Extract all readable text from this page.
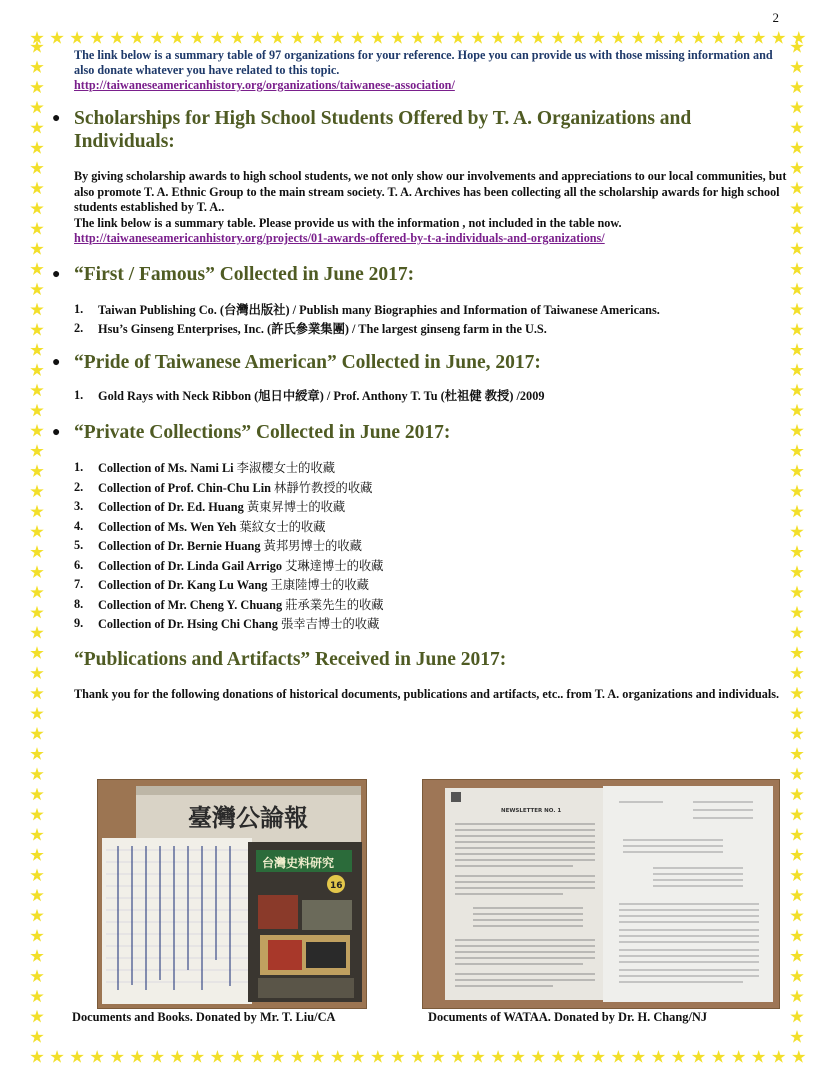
2
The link below is a summary table of 97 organizations for your reference. Hope you can provide us with those missing information and also donate whatever you have related to this topic.
http://taiwaneseamericanhistory.org/organizations/taiwanese-association/
● Scholarships for High School Students Offered by T. A. Organizations and Individuals:
By giving scholarship awards to high school students, we not only show our involvements and appreciations to our local communities, but also promote T. A. Ethnic Group to the main stream society. T. A. Archives has been collecting all the scholarship awards for high school students established by T. A..
The link below is a summary table. Please provide us with the information , not included in the table now.
http://taiwaneseamericanhistory.org/projects/01-awards-offered-by-t-a-individuals-and-organizations/
● “First / Famous” Collected in June 2017:
1.	Taiwan Publishing Co. (台灣出版社) / Publish many Biographies and Information of Taiwanese Americans.
2.	Hsu’s Ginseng Enterprises, Inc. (許氏參業集團) / The largest ginseng farm in the U.S.
● “Pride of Taiwanese American” Collected in June, 2017:
1.	Gold Rays with Neck Ribbon (旭日中綬章) / Prof. Anthony T. Tu (杜祖健 教授) /2009
● “Private Collections” Collected in June 2017:
1.	Collection of Ms. Nami Li 李淑櫻女士的收藏
2.	Collection of Prof. Chin-Chu Lin 林靜竹教授的收藏
3.	Collection of Dr. Ed. Huang 黃東昇博士的收藏
4.	Collection of Ms. Wen Yeh 葉紋女士的收藏
5.	Collection of Dr. Bernie Huang 黃邦男博士的收藏
6.	Collection of Dr. Linda Gail Arrigo 艾琳達博士的收藏
7.	Collection of Dr. Kang Lu Wang 王康陸博士的收藏
8.	Collection of Mr. Cheng Y. Chuang 莊承業先生的收藏
9.	Collection of Dr. Hsing Chi Chang 張幸吉博士的收藏
“Publications and Artifacts” Received in June 2017:
Thank you for the following donations of historical documents, publications and artifacts, etc.. from T. A. organizations and individuals.
臺灣公論報
台灣史料研究
16
NEWSLETTER NO. 1
Documents and Books. Donated by Mr. T. Liu/CA	Documents of WATAA. Donated by Dr. H. Chang/NJ
